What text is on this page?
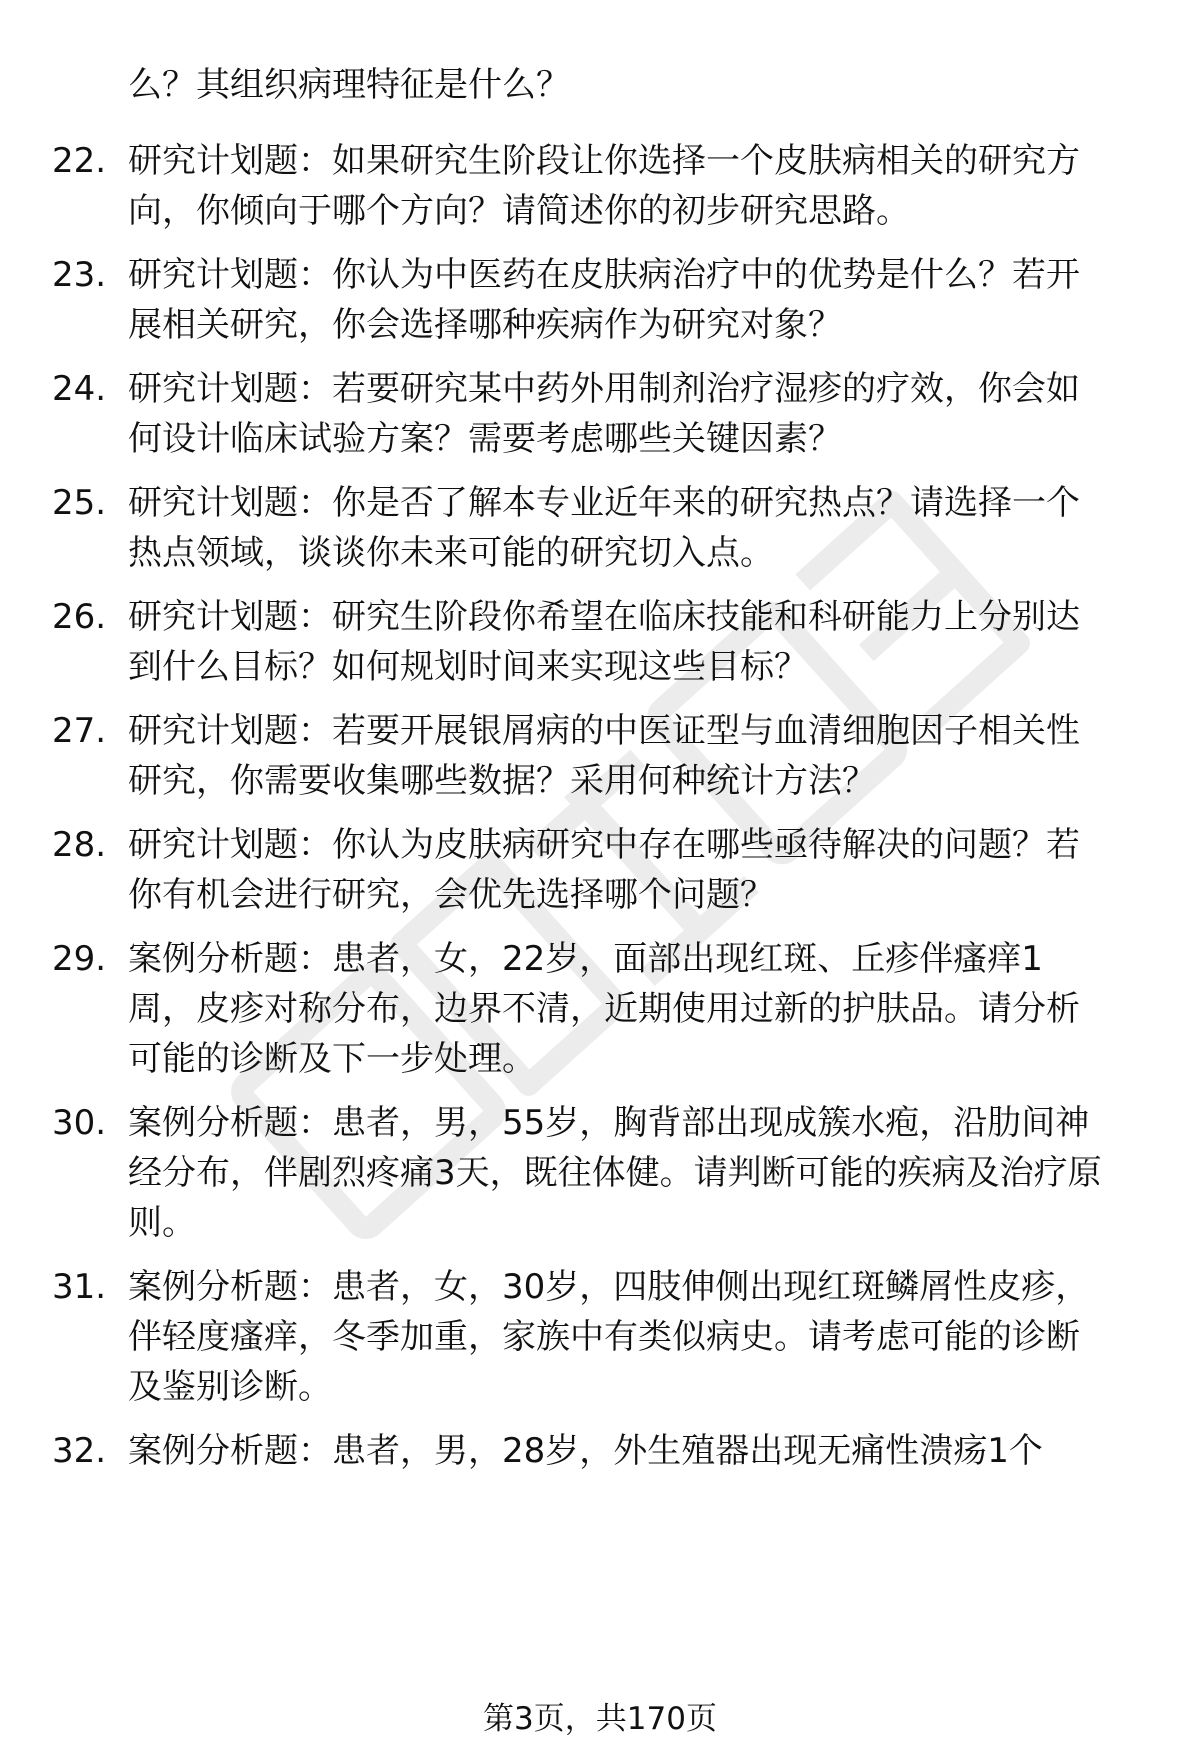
么？其组织病理特征是什么？
22. 研究计划题：如果研究生阶段让你选择一个皮肤病相关的研究方
向，你倾向于哪个方向？请简述你的初步研究思路。
23. 研究计划题：你认为中医药在皮肤病治疗中的优势是什么？若开
展相关研究，你会选择哪种疾病作为研究对象？
24. 研究计划题：若要研究某中药外用制剂治疗湿疹的疗效，你会如
何设计临床试验方案？需要考虑哪些关键因素？
25. 研究计划题：你是否了解本专业近年来的研究热点？请选择一个
热点领域，谈谈你未来可能的研究切入点。
26. 研究计划题：研究生阶段你希望在临床技能和科研能力上分别达
到什么目标？如何规划时间来实现这些目标？
27. 研究计划题：若要开展银屑病的中医证型与血清细胞因子相关性
研究，你需要收集哪些数据？采用何种统计方法？
28. 研究计划题：你认为皮肤病研究中存在哪些亟待解决的问题？若
你有机会进行研究，会优先选择哪个问题？
29. 案例分析题：患者，女，22岁，面部出现红斑、丘疹伴瘙痒1
周，皮疹对称分布，边界不清，近期使用过新的护肤品。请分析
可能的诊断及下一步处理。
30. 案例分析题：患者，男，55岁，胸背部出现成簇水疱，沿肋间神
经分布，伴剧烈疼痛3天，既往体健。请判断可能的疾病及治疗原
则。
31. 案例分析题：患者，女，30岁，四肢伸侧出现红斑鳞屑性皮疹，
伴轻度瘙痒，冬季加重，家族中有类似病史。请考虑可能的诊断
及鉴别诊断。
32. 案例分析题：患者，男，28岁，外生殖器出现无痛性溃疡1个
第3页，共170页
